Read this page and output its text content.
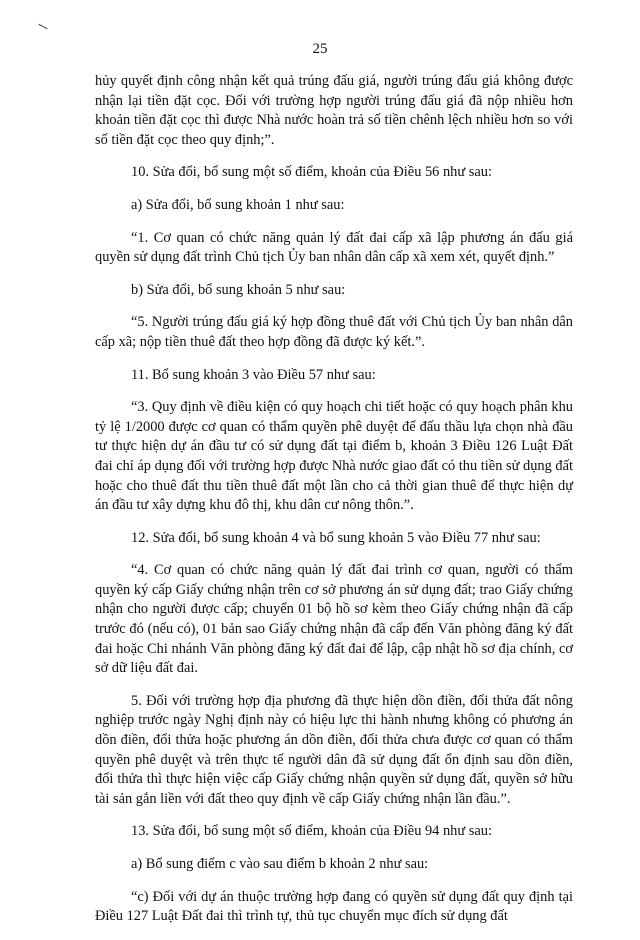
25

hủy quyết định công nhận kết quả trúng đấu giá, người trúng đấu giá không được nhận lại tiền đặt cọc. Đối với trường hợp người trúng đấu giá đã nộp nhiều hơn khoản tiền đặt cọc thì được Nhà nước hoàn trả số tiền chênh lệch nhiều hơn so với số tiền đặt cọc theo quy định;”.

10. Sửa đổi, bổ sung một số điểm, khoản của Điều 56 như sau:

a) Sửa đổi, bổ sung khoản 1 như sau:

“1. Cơ quan có chức năng quản lý đất đai cấp xã lập phương án đấu giá quyền sử dụng đất trình Chủ tịch Ủy ban nhân dân cấp xã xem xét, quyết định.”

b) Sửa đổi, bổ sung khoản 5 như sau:

“5. Người trúng đấu giá ký hợp đồng thuê đất với Chủ tịch Ủy ban nhân dân cấp xã; nộp tiền thuê đất theo hợp đồng đã được ký kết.”.

11. Bổ sung khoản 3 vào Điều 57 như sau:

“3. Quy định về điều kiện có quy hoạch chi tiết hoặc có quy hoạch phân khu tỷ lệ 1/2000 được cơ quan có thẩm quyền phê duyệt để đấu thầu lựa chọn nhà đầu tư thực hiện dự án đầu tư có sử dụng đất tại điểm b, khoản 3 Điều 126 Luật Đất đai chỉ áp dụng đối với trường hợp được Nhà nước giao đất có thu tiền sử dụng đất hoặc cho thuê đất thu tiền thuê đất một lần cho cả thời gian thuê để thực hiện dự án đầu tư xây dựng khu đô thị, khu dân cư nông thôn.”.

12. Sửa đổi, bổ sung khoản 4 và bổ sung khoản 5 vào Điều 77 như sau:

“4. Cơ quan có chức năng quản lý đất đai trình cơ quan, người có thẩm quyền ký cấp Giấy chứng nhận trên cơ sở phương án sử dụng đất; trao Giấy chứng nhận cho người được cấp; chuyển 01 bộ hồ sơ kèm theo Giấy chứng nhận đã cấp trước đó (nếu có), 01 bản sao Giấy chứng nhận đã cấp đến Văn phòng đăng ký đất đai hoặc Chi nhánh Văn phòng đăng ký đất đai để lập, cập nhật hồ sơ địa chính, cơ sở dữ liệu đất đai.

5. Đối với trường hợp địa phương đã thực hiện dồn điền, đổi thửa đất nông nghiệp trước ngày Nghị định này có hiệu lực thi hành nhưng không có phương án dồn điền, đổi thửa hoặc phương án dồn điền, đổi thửa chưa được cơ quan có thẩm quyền phê duyệt và trên thực tế người dân đã sử dụng đất ổn định sau dồn điền, đổi thửa thì thực hiện việc cấp Giấy chứng nhận quyền sử dụng đất, quyền sở hữu tài sản gắn liền với đất theo quy định về cấp Giấy chứng nhận lần đầu.”.

13. Sửa đổi, bổ sung một số điểm, khoản của Điều 94 như sau:

a) Bổ sung điểm c vào sau điểm b khoản 2 như sau:

“c) Đối với dự án thuộc trường hợp đang có quyền sử dụng đất quy định tại Điều 127 Luật Đất đai thì trình tự, thủ tục chuyển mục đích sử dụng đất
